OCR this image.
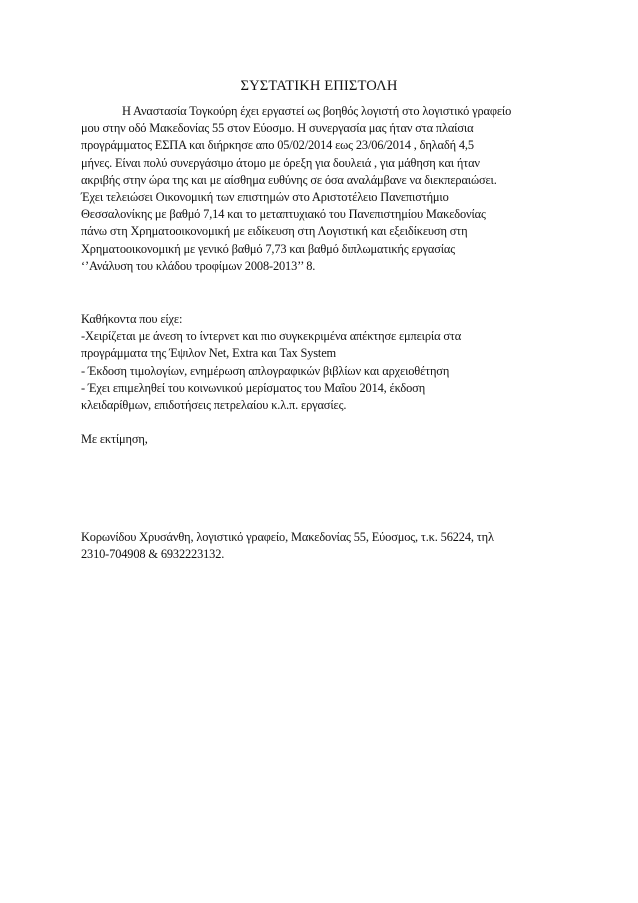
ΣΥΣΤΑΤΙΚΗ ΕΠΙΣΤΟΛΗ
Η Αναστασία Τογκούρη έχει εργαστεί ως βοηθός λογιστή στο λογιστικό γραφείο
μου στην οδό Μακεδονίας 55 στον Εύοσμο. Η συνεργασία μας ήταν στα πλαίσια
προγράμματος ΕΣΠΑ και διήρκησε απο 05/02/2014 εως 23/06/2014 , δηλαδή 4,5
μήνες. Είναι πολύ συνεργάσιμο άτομο με όρεξη για δουλειά , για μάθηση και ήταν
ακριβής στην ώρα της και με αίσθημα ευθύνης σε όσα αναλάμβανε να διεκπεραιώσει.
Έχει τελειώσει Οικονομική των επιστημών στο Αριστοτέλειο Πανεπιστήμιο
Θεσσαλονίκης με βαθμό 7,14 και το μεταπτυχιακό του Πανεπιστημίου Μακεδονίας
πάνω στη Χρηματοοικονομική με ειδίκευση στη Λογιστική και εξειδίκευση στη
Χρηματοοικονομική με γενικό βαθμό 7,73 και βαθμό διπλωματικής εργασίας
‘’Ανάλυση του κλάδου τροφίμων 2008-2013’’ 8.
Καθήκοντα που είχε:
-Χειρίζεται με άνεση το ίντερνετ και πιο συγκεκριμένα απέκτησε εμπειρία στα
προγράμματα της Έψιλον Net, Extra και Tax System
- Έκδοση τιμολογίων, ενημέρωση απλογραφικών βιβλίων και αρχειοθέτηση
- Έχει επιμεληθεί του κοινωνικού μερίσματος του Μαΐου 2014, έκδοση
κλειδαρίθμων, επιδοτήσεις πετρελαίου κ.λ.π. εργασίες.
Με εκτίμηση,
Κορωνίδου Χρυσάνθη, λογιστικό γραφείο, Μακεδονίας 55, Εύοσμος, τ.κ. 56224, τηλ
2310-704908 & 6932223132.
